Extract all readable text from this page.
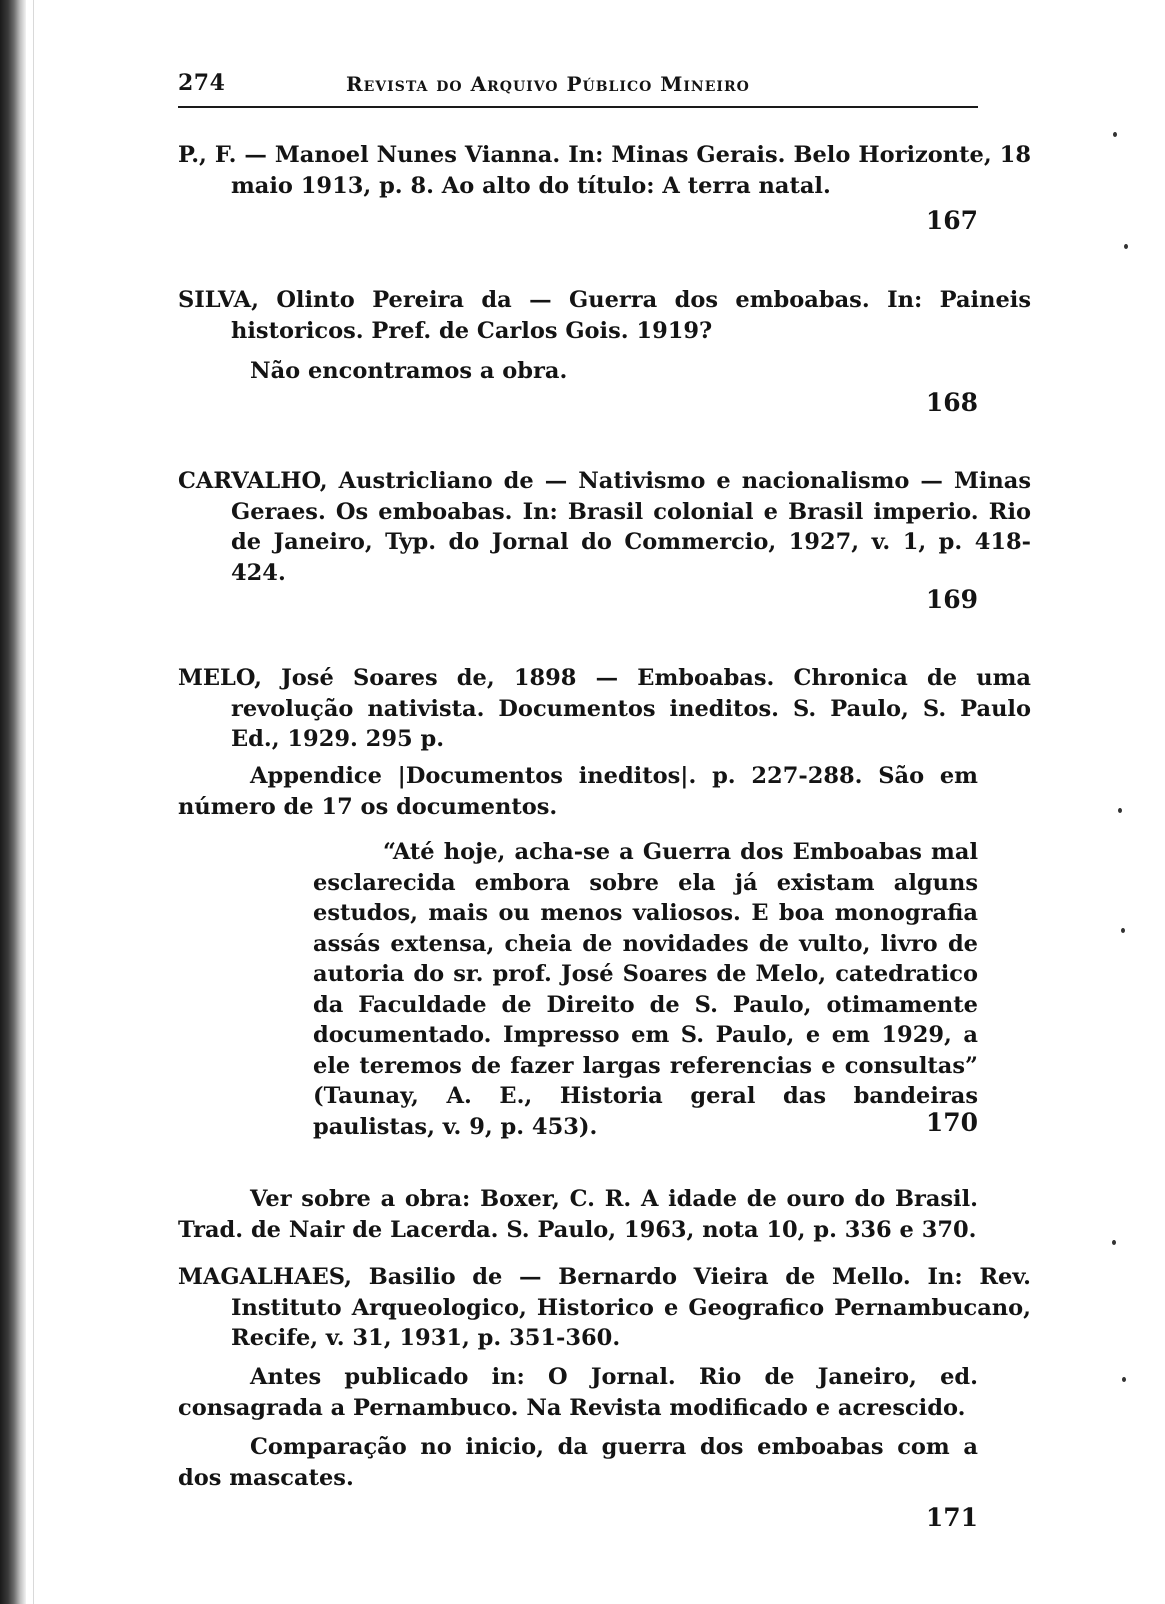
274	Revista do Arquivo Público Mineiro

P., F. — Manoel Nunes Vianna. In: Minas Gerais. Belo Horizonte, 18 maio 1913, p. 8. Ao alto do título: A terra natal.

167

SILVA, Olinto Pereira da — Guerra dos emboabas. In: Paineis historicos. Pref. de Carlos Gois. 1919?

Não encontramos a obra.

168

CARVALHO, Austricliano de — Nativismo e nacionalismo — Minas Geraes. Os emboabas. In: Brasil colonial e Brasil imperio. Rio de Janeiro, Typ. do Jornal do Commercio, 1927, v. 1, p. 418-424.

169

MELO, José Soares de, 1898 — Emboabas. Chronica de uma revolução nativista. Documentos ineditos. S. Paulo, S. Paulo Ed., 1929. 295 p.

Appendice |Documentos ineditos|. p. 227-288. São em número de 17 os documentos.

“Até hoje, acha-se a Guerra dos Emboabas mal esclarecida embora sobre ela já existam alguns estudos, mais ou menos valiosos. E boa monografia assás extensa, cheia de novidades de vulto, livro de autoria do sr. prof. José Soares de Melo, catedratico da Faculdade de Direito de S. Paulo, otimamente documentado. Impresso em S. Paulo, e em 1929, a ele teremos de fazer largas referencias e consultas” (Taunay, A. E., Historia geral das bandeiras paulistas, v. 9, p. 453).	170

Ver sobre a obra: Boxer, C. R. A idade de ouro do Brasil. Trad. de Nair de Lacerda. S. Paulo, 1963, nota 10, p. 336 e 370.

MAGALHAES, Basilio de — Bernardo Vieira de Mello. In: Rev. Instituto Arqueologico, Historico e Geografico Pernambucano, Recife, v. 31, 1931, p. 351-360.

Antes publicado in: O Jornal. Rio de Janeiro, ed. consagrada a Pernambuco. Na Revista modificado e acrescido.

Comparação no inicio, da guerra dos emboabas com a dos mascates.

171
